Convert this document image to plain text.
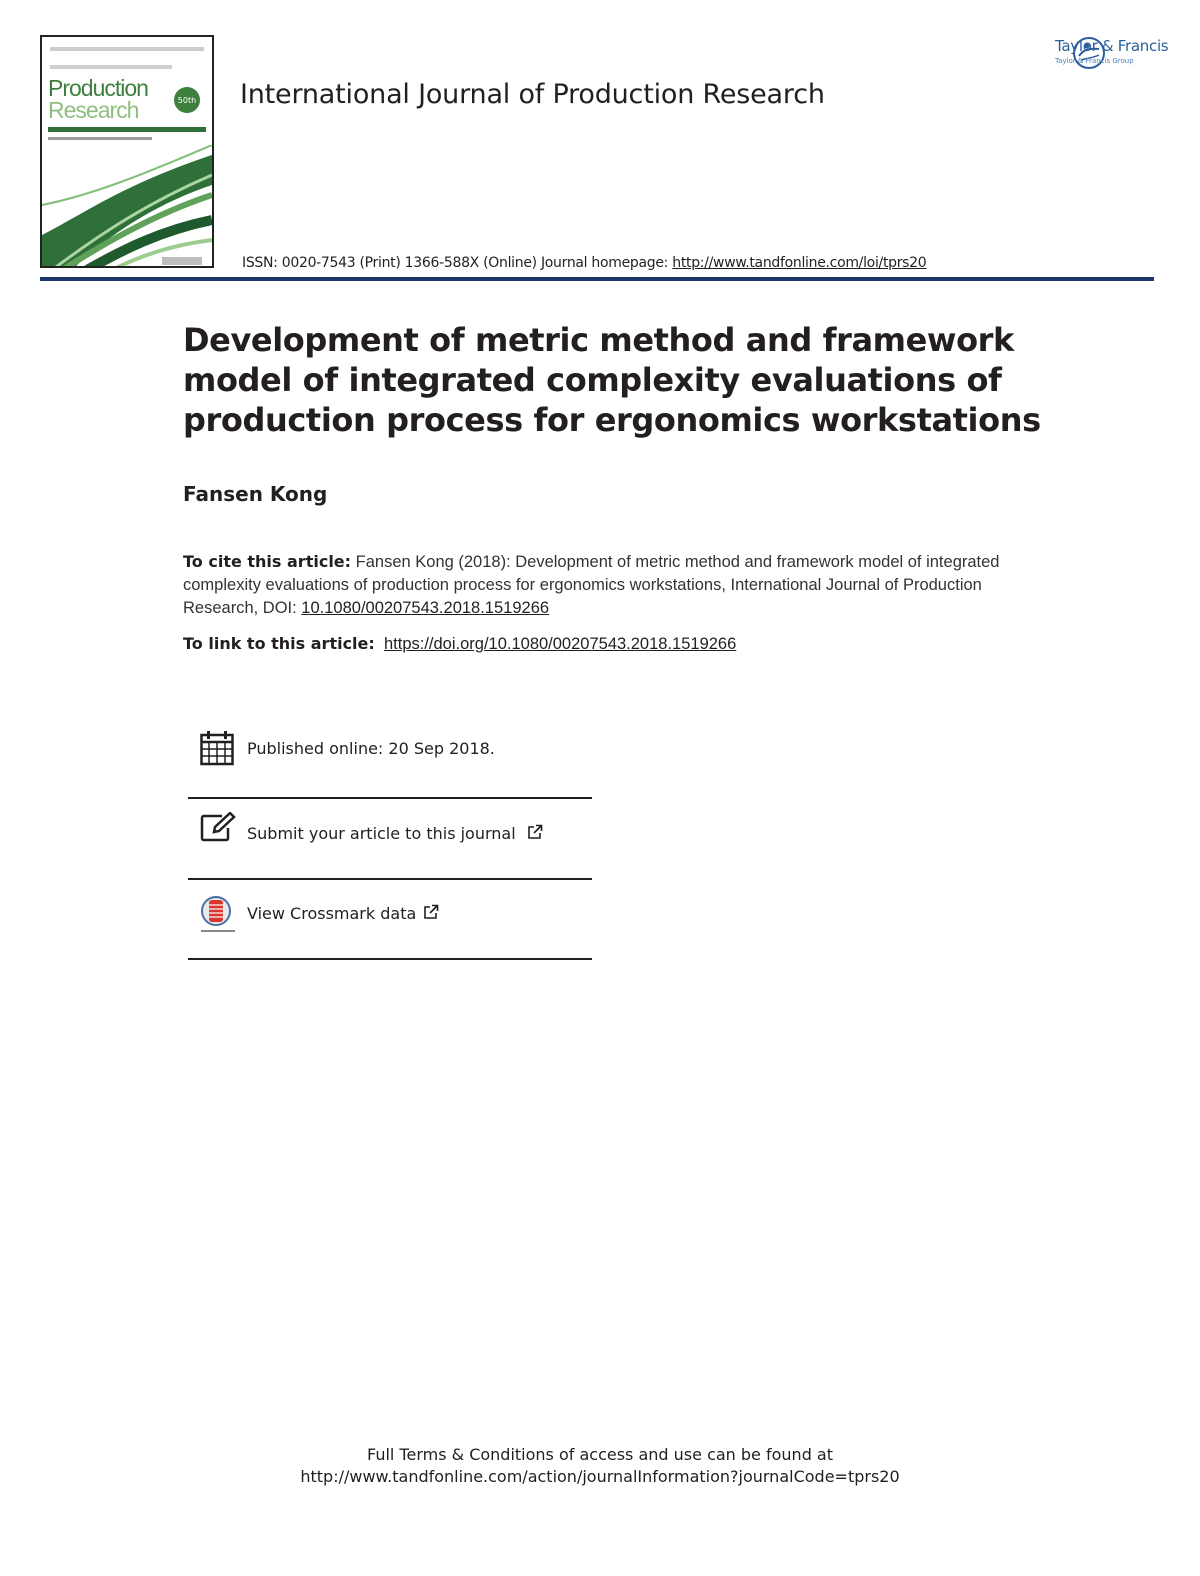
Production
Research	50th
Taylor & Francis
Taylor & Francis Group
International Journal of Production Research
ISSN: 0020-7543 (Print) 1366-588X (Online) Journal homepage: http://www.tandfonline.com/loi/tprs20
Development of metric method and framework model of integrated complexity evaluations of production process for ergonomics workstations
Fansen Kong
To cite this article: Fansen Kong (2018): Development of metric method and framework model of integrated complexity evaluations of production process for ergonomics workstations, International Journal of Production Research, DOI: 10.1080/00207543.2018.1519266
To link to this article: https://doi.org/10.1080/00207543.2018.1519266
Published online: 20 Sep 2018.
Submit your article to this journal
View Crossmark data
Full Terms & Conditions of access and use can be found at
http://www.tandfonline.com/action/journalInformation?journalCode=tprs20
